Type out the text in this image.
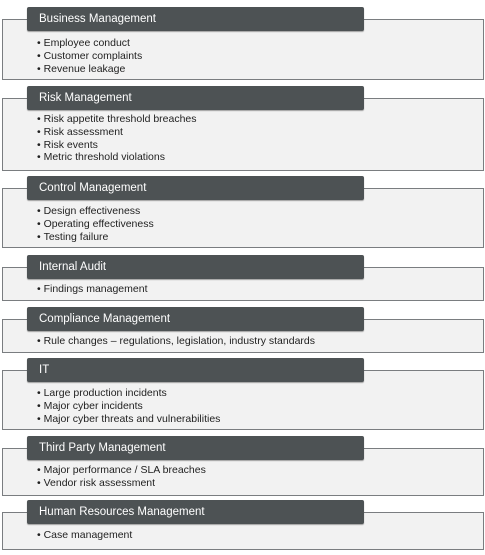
Business Management
• Employee conduct
• Customer complaints
• Revenue leakage
Risk Management
• Risk appetite threshold breaches
• Risk assessment
• Risk events
• Metric threshold violations
Control Management
• Design effectiveness
• Operating effectiveness
• Testing failure
Internal Audit
• Findings management
Compliance Management
• Rule changes – regulations, legislation, industry standards
IT
• Large production incidents
• Major cyber incidents
• Major cyber threats and vulnerabilities
Third Party Management
• Major performance / SLA breaches
• Vendor risk assessment
Human Resources Management
• Case management
